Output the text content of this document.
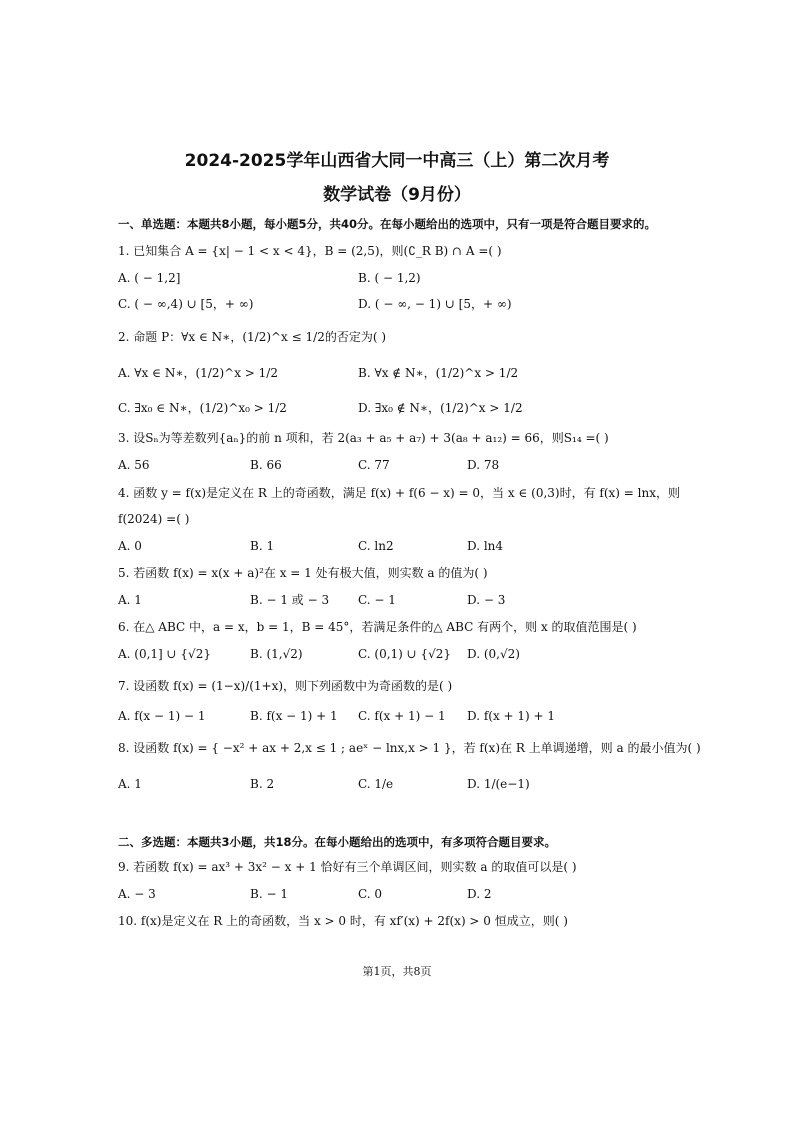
2024-2025学年山西省大同一中高三（上）第二次月考
数学试卷（9月份）
一、单选题：本题共8小题，每小题5分，共40分。在每小题给出的选项中，只有一项是符合题目要求的。
1. 已知集合 A = {x| − 1 < x < 4}，B = (2,5)，则(∁_R B) ∩ A =( )
A. ( − 1,2]	B. ( − 1,2)
C. ( − ∞,4) ∪ [5，+ ∞)	D. ( − ∞, − 1) ∪ [5，+ ∞)
2. 命题 P：∀x ∈ N∗，(1/2)^x ≤ 1/2的否定为( )
A. ∀x ∈ N∗，(1/2)^x > 1/2	B. ∀x ∉ N∗，(1/2)^x > 1/2
C. ∃x₀ ∈ N∗，(1/2)^x₀ > 1/2	D. ∃x₀ ∉ N∗，(1/2)^x > 1/2
3. 设Sₙ为等差数列{aₙ}的前 n 项和，若 2(a₃ + a₅ + a₇) + 3(a₈ + a₁₂) = 66，则S₁₄ =( )
A. 56	B. 66	C. 77	D. 78
4. 函数 y = f(x)是定义在 R 上的奇函数，满足 f(x) + f(6 − x) = 0，当 x ∈ (0,3)时，有 f(x) = lnx，则
f(2024) =( )
A. 0	B. 1	C. ln2	D. ln4
5. 若函数 f(x) = x(x + a)²在 x = 1 处有极大值，则实数 a 的值为( )
A. 1	B. − 1 或 − 3 C. − 1	D. − 3
6. 在△ ABC 中，a = x，b = 1，B = 45°，若满足条件的△ ABC 有两个，则 x 的取值范围是( )
A. (0,1] ∪ {√2}	B. (1,√2)	C. (0,1) ∪ {√2} D. (0,√2)
7. 设函数 f(x) = (1−x)/(1+x)，则下列函数中为奇函数的是( )
A. f(x − 1) − 1	B. f(x − 1) + 1 C. f(x + 1) − 1 D. f(x + 1) + 1
8. 设函数 f(x) = { −x² + ax + 2,x ≤ 1 ; aeˣ − lnx,x > 1 }，若 f(x)在 R 上单调递增，则 a 的最小值为( )
A. 1	B. 2	C. 1/e	D. 1/(e−1)
二、多选题：本题共3小题，共18分。在每小题给出的选项中，有多项符合题目要求。
9. 若函数 f(x) = ax³ + 3x² − x + 1 恰好有三个单调区间，则实数 a 的取值可以是( )
A. − 3	B. − 1	C. 0	D. 2
10. f(x)是定义在 R 上的奇函数，当 x > 0 时，有 xf′(x) + 2f(x) > 0 恒成立，则( )
第1页，共8页
